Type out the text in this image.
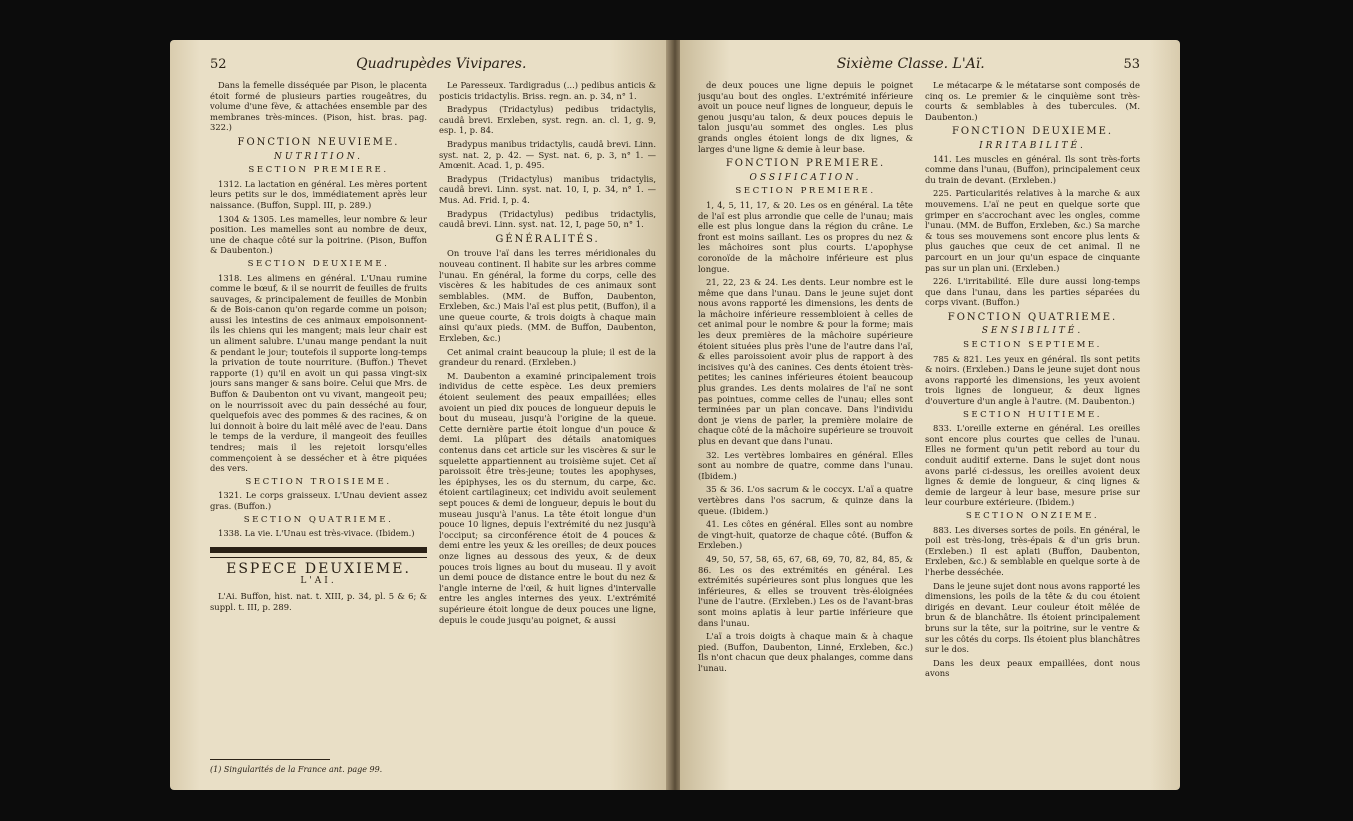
52	Quadrupèdes Vivipares.

Dans la femelle disséquée par Pison, le placenta étoit formé de plusieurs parties rougeâtres, du volume d'une fève, & attachées ensemble par des membranes très-minces. (Pison, hist. bras. pag. 322.)

FONCTION NEUVIEME.
NUTRITION.
SECTION PREMIERE.

1312. La lactation en général. Les mères portent leurs petits sur le dos, immédiatement après leur naissance. (Buffon, Suppl. III, p. 289.)

1304 & 1305. Les mamelles, leur nombre & leur position. Les mamelles sont au nombre de deux, une de chaque côté sur la poitrine. (Pison, Buffon & Daubenton.)

SECTION DEUXIEME.

1318. Les alimens en général. L'Unau rumine comme le bœuf, & il se nourrit de feuilles de fruits sauvages, & principalement de feuilles de Monbin & de Bois-canon qu'on regarde comme un poison; aussi les intestins de ces animaux empoisonnent-ils les chiens qui les mangent; mais leur chair est un aliment salubre. L'unau mange pendant la nuit & pendant le jour; toutefois il supporte long-temps la privation de toute nourriture. (Buffon.) Thevet rapporte (1) qu'il en avoit un qui passa vingt-six jours sans manger & sans boire. Celui que Mrs. de Buffon & Daubenton ont vu vivant, mangeoit peu; on le nourrissoit avec du pain desséché au four, quelquefois avec des pommes & des racines, & on lui donnoit à boire du lait mêlé avec de l'eau. Dans le temps de la verdure, il mangeoit des feuilles tendres; mais il les rejetoit lorsqu'elles commençoient à se dessécher et à être piquées des vers.

SECTION TROISIEME.

1321. Le corps graisseux. L'Unau devient assez gras. (Buffon.)

SECTION QUATRIEME.

1338. La vie. L'Unau est très-vivace. (Ibidem.)

ESPECE DEUXIEME.
L'AI.

L'Ai. Buffon, hist. nat. t. XIII, p. 34, pl. 5 & 6; & suppl. t. III, p. 289.

Le Paresseux. Tardigradus (...) pedibus anticis & posticis tridactylis. Briss. regn. an. p. 34, n° 1.

Bradypus (Tridactylus) pedibus tridactylis, caudâ brevi. Erxleben, syst. regn. an. cl. 1, g. 9, esp. 1, p. 84.

Bradypus manibus tridactylis, caudâ brevi. Linn. syst. nat. 2, p. 42. — Syst. nat. 6, p. 3, n° 1. — Amœnit. Acad. 1, p. 495.

Bradypus (Tridactylus) manibus tridactylis, caudâ brevi. Linn. syst. nat. 10, I, p. 34, n° 1. — Mus. Ad. Frid. I, p. 4.

Bradypus (Tridactylus) pedibus tridactylis, caudâ brevi. Linn. syst. nat. 12, I, page 50, n° 1.

GÉNÉRALITÉS.

On trouve l'aï dans les terres méridionales du nouveau continent. Il habite sur les arbres comme l'unau. En général, la forme du corps, celle des viscères & les habitudes de ces animaux sont semblables. (MM. de Buffon, Daubenton, Erxleben, &c.) Mais l'aï est plus petit, (Buffon), il a une queue courte, & trois doigts à chaque main ainsi qu'aux pieds. (MM. de Buffon, Daubenton, Erxleben, &c.)

Cet animal craint beaucoup la pluie; il est de la grandeur du renard. (Erxleben.)

M. Daubenton a examiné principalement trois individus de cette espèce. Les deux premiers étoient seulement des peaux empaillées; elles avoient un pied dix pouces de longueur depuis le bout du museau, jusqu'à l'origine de la queue. Cette dernière partie étoit longue d'un pouce & demi. La plûpart des détails anatomiques contenus dans cet article sur les viscères & sur le squelette appartiennent au troisième sujet. Cet aï paroissoit être très-jeune; toutes les apophyses, les épiphyses, les os du sternum, du carpe, &c. étoient cartilagineux; cet individu avoit seulement sept pouces & demi de longueur, depuis le bout du museau jusqu'à l'anus. La tête étoit longue d'un pouce 10 lignes, depuis l'extrémité du nez jusqu'à l'occiput; sa circonférence étoit de 4 pouces & demi entre les yeux & les oreilles; de deux pouces onze lignes au dessous des yeux, & de deux pouces trois lignes au bout du museau. Il y avoit un demi pouce de distance entre le bout du nez & l'angle interne de l'œil, & huit lignes d'intervalle entre les angles internes des yeux. L'extrémité supérieure étoit longue de deux pouces une ligne, depuis le coude jusqu'au poignet, & aussi

(1) Singularités de la France ant. page 99.
Sixième Classe. L'Aï.	53

de deux pouces une ligne depuis le poignet jusqu'au bout des ongles. L'extrémité inférieure avoit un pouce neuf lignes de longueur, depuis le genou jusqu'au talon, & deux pouces depuis le talon jusqu'au sommet des ongles. Les plus grands ongles étoient longs de dix lignes, & larges d'une ligne & demie à leur base.

FONCTION PREMIERE.
OSSIFICATION.
SECTION PREMIERE.

1, 4, 5, 11, 17, & 20. Les os en général. La tête de l'aï est plus arrondie que celle de l'unau; mais elle est plus longue dans la région du crâne. Le front est moins saillant. Les os propres du nez & les mâchoires sont plus courts. L'apophyse coronoïde de la mâchoire inférieure est plus longue.

21, 22, 23 & 24. Les dents. Leur nombre est le même que dans l'unau. Dans le jeune sujet dont nous avons rapporté les dimensions, les dents de la mâchoire inférieure ressembloient à celles de cet animal pour le nombre & pour la forme; mais les deux premières de la mâchoire supérieure étoient situées plus près l'une de l'autre dans l'aï, & elles paroissoient avoir plus de rapport à des incisives qu'à des canines. Ces dents étoient très-petites; les canines inférieures étoient beaucoup plus grandes. Les dents molaires de l'aï ne sont pas pointues, comme celles de l'unau; elles sont terminées par un plan concave. Dans l'individu dont je viens de parler, la première molaire de chaque côté de la mâchoire supérieure se trouvoit plus en devant que dans l'unau.

32. Les vertèbres lombaires en général. Elles sont au nombre de quatre, comme dans l'unau. (Ibidem.)

35 & 36. L'os sacrum & le coccyx. L'aï a quatre vertèbres dans l'os sacrum, & quinze dans la queue. (Ibidem.)

41. Les côtes en général. Elles sont au nombre de vingt-huit, quatorze de chaque côté. (Buffon & Erxleben.)

49, 50, 57, 58, 65, 67, 68, 69, 70, 82, 84, 85, & 86. Les os des extrémités en général. Les extrémités supérieures sont plus longues que les inférieures, & elles se trouvent très-éloignées l'une de l'autre. (Erxleben.) Les os de l'avant-bras sont moins aplatis à leur partie inférieure que dans l'unau.

L'aï a trois doigts à chaque main & à chaque pied. (Buffon, Daubenton, Linné, Erxleben, &c.) Ils n'ont chacun que deux phalanges, comme dans l'unau.

Le métacarpe & le métatarse sont composés de cinq os. Le premier & le cinquième sont très-courts & semblables à des tubercules. (M. Daubenton.)

FONCTION DEUXIEME.
IRRITABILITÉ.

141. Les muscles en général. Ils sont très-forts comme dans l'unau, (Buffon), principalement ceux du train de devant. (Erxleben.)

225. Particularités relatives à la marche & aux mouvemens. L'aï ne peut en quelque sorte que grimper en s'accrochant avec les ongles, comme l'unau. (MM. de Buffon, Erxleben, &c.) Sa marche & tous ses mouvemens sont encore plus lents & plus gauches que ceux de cet animal. Il ne parcourt en un jour qu'un espace de cinquante pas sur un plan uni. (Erxleben.)

226. L'irritabilité. Elle dure aussi long-temps que dans l'unau, dans les parties séparées du corps vivant. (Buffon.)

FONCTION QUATRIEME.
SENSIBILITÉ.
SECTION SEPTIEME.

785 & 821. Les yeux en général. Ils sont petits & noirs. (Erxleben.) Dans le jeune sujet dont nous avons rapporté les dimensions, les yeux avoient trois lignes de longueur, & deux lignes d'ouverture d'un angle à l'autre. (M. Daubenton.)

SECTION HUITIEME.

833. L'oreille externe en général. Les oreilles sont encore plus courtes que celles de l'unau. Elles ne forment qu'un petit rebord au tour du conduit auditif externe. Dans le sujet dont nous avons parlé ci-dessus, les oreilles avoient deux lignes & demie de longueur, & cinq lignes & demie de largeur à leur base, mesure prise sur leur courbure extérieure. (Ibidem.)

SECTION ONZIEME.

883. Les diverses sortes de poils. En général, le poil est très-long, très-épais & d'un gris brun. (Erxleben.) Il est aplati (Buffon, Daubenton, Erxleben, &c.) & semblable en quelque sorte à de l'herbe desséchée.

Dans le jeune sujet dont nous avons rapporté les dimensions, les poils de la tête & du cou étoient dirigés en devant. Leur couleur étoit mêlée de brun & de blanchâtre. Ils étoient principalement bruns sur la tête, sur la poitrine, sur le ventre & sur les côtés du corps. Ils étoient plus blanchâtres sur le dos.

Dans les deux peaux empaillées, dont nous avons
